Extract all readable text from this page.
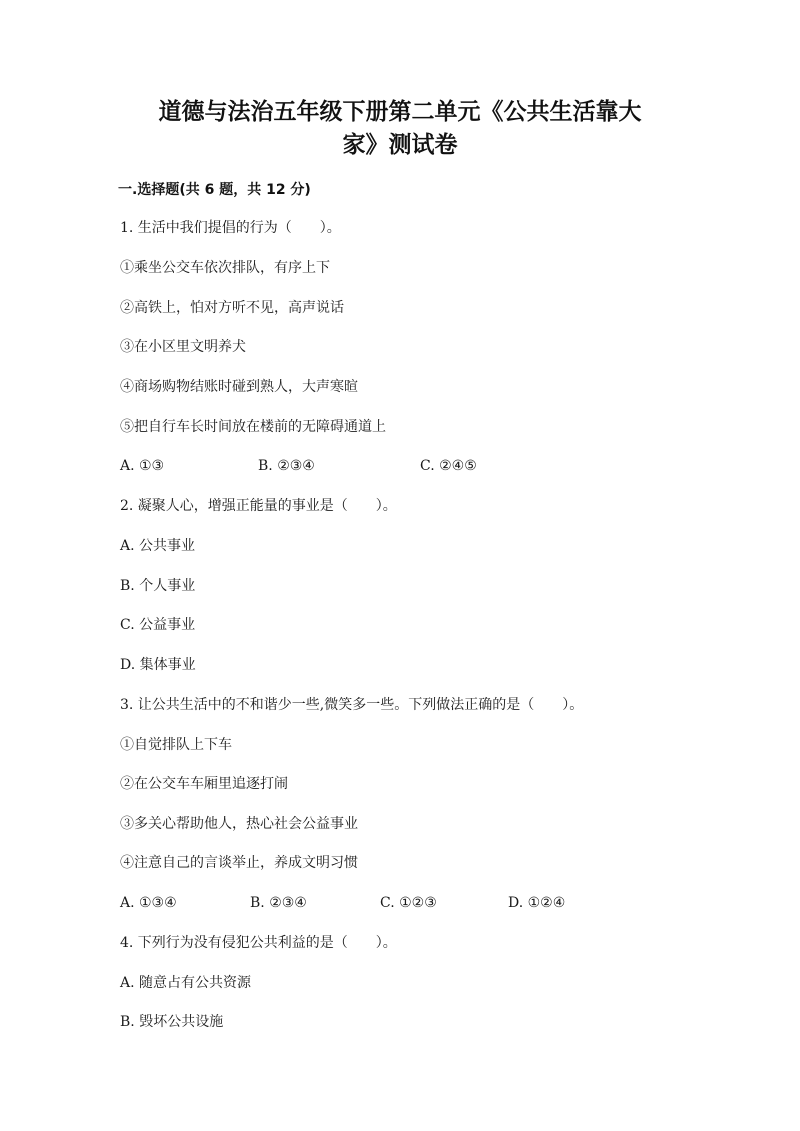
道德与法治五年级下册第二单元《公共生活靠大
家》测试卷
一.选择题(共 6 题，共 12 分)
1. 生活中我们提倡的行为（　　）。
①乘坐公交车依次排队，有序上下
②高铁上，怕对方听不见，高声说话
③在小区里文明养犬
④商场购物结账时碰到熟人，大声寒暄
⑤把自行车长时间放在楼前的无障碍通道上
A. ①③	B. ②③④	C. ②④⑤
2. 凝聚人心，增强正能量的事业是（　　）。
A. 公共事业
B. 个人事业
C. 公益事业
D. 集体事业
3. 让公共生活中的不和谐少一些,微笑多一些。下列做法正确的是（　　）。
①自觉排队上下车
②在公交车车厢里追逐打闹
③多关心帮助他人，热心社会公益事业
④注意自己的言谈举止，养成文明习惯
A. ①③④	B. ②③④	C. ①②③	D. ①②④
4. 下列行为没有侵犯公共利益的是（　　）。
A. 随意占有公共资源
B. 毁坏公共设施
